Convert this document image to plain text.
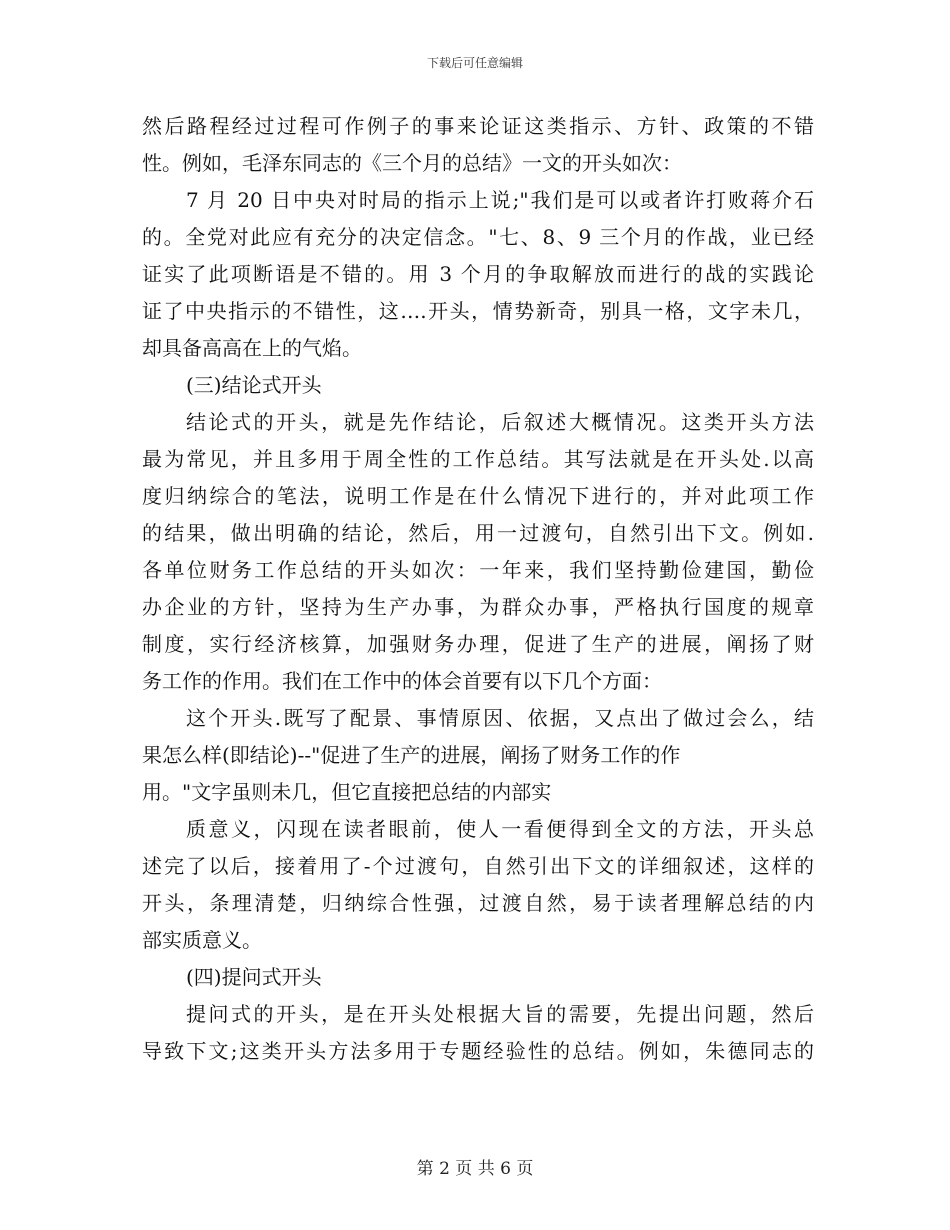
下载后可任意编辑
然后路程经过过程可作例子的事来论证这类指示、方针、政策的不错
性。例如，毛泽东同志的《三个月的总结》一文的开头如次：
7 月 20 日中央对时局的指示上说;"我们是可以或者许打败蒋介石
的。全党对此应有充分的决定信念。"七、8、9 三个月的作战，业已经
证实了此项断语是不错的。用 3 个月的争取解放而进行的战的实践论
证了中央指示的不错性，这….开头，情势新奇，别具一格，文字未几，
却具备高高在上的气焰。
(三)结论式开头
结论式的开头，就是先作结论，后叙述大概情况。这类开头方法
最为常见，并且多用于周全性的工作总结。其写法就是在开头处.以高
度归纳综合的笔法，说明工作是在什么情况下进行的，并对此项工作
的结果，做出明确的结论，然后，用一过渡句，自然引出下文。例如.
各单位财务工作总结的开头如次：一年来，我们坚持勤俭建国，勤俭
办企业的方针，坚持为生产办事，为群众办事，严格执行国度的规章
制度，实行经济核算，加强财务办理，促进了生产的进展，阐扬了财
务工作的作用。我们在工作中的体会首要有以下几个方面：
这个开头.既写了配景、事情原因、依据，又点出了做过会么，结
果怎么样(即结论)--"促进了生产的进展，阐扬了财务工作的作
用。"文字虽则未几，但它直接把总结的内部实
质意义，闪现在读者眼前，使人一看便得到全文的方法，开头总
述完了以后，接着用了-个过渡句，自然引出下文的详细叙述，这样的
开头，条理清楚，归纳综合性强，过渡自然，易于读者理解总结的内
部实质意义。
(四)提问式开头
提问式的开头，是在开头处根据大旨的需要，先提出问题，然后
导致下文;这类开头方法多用于专题经验性的总结。例如，朱德同志的
第 2 页 共 6 页
